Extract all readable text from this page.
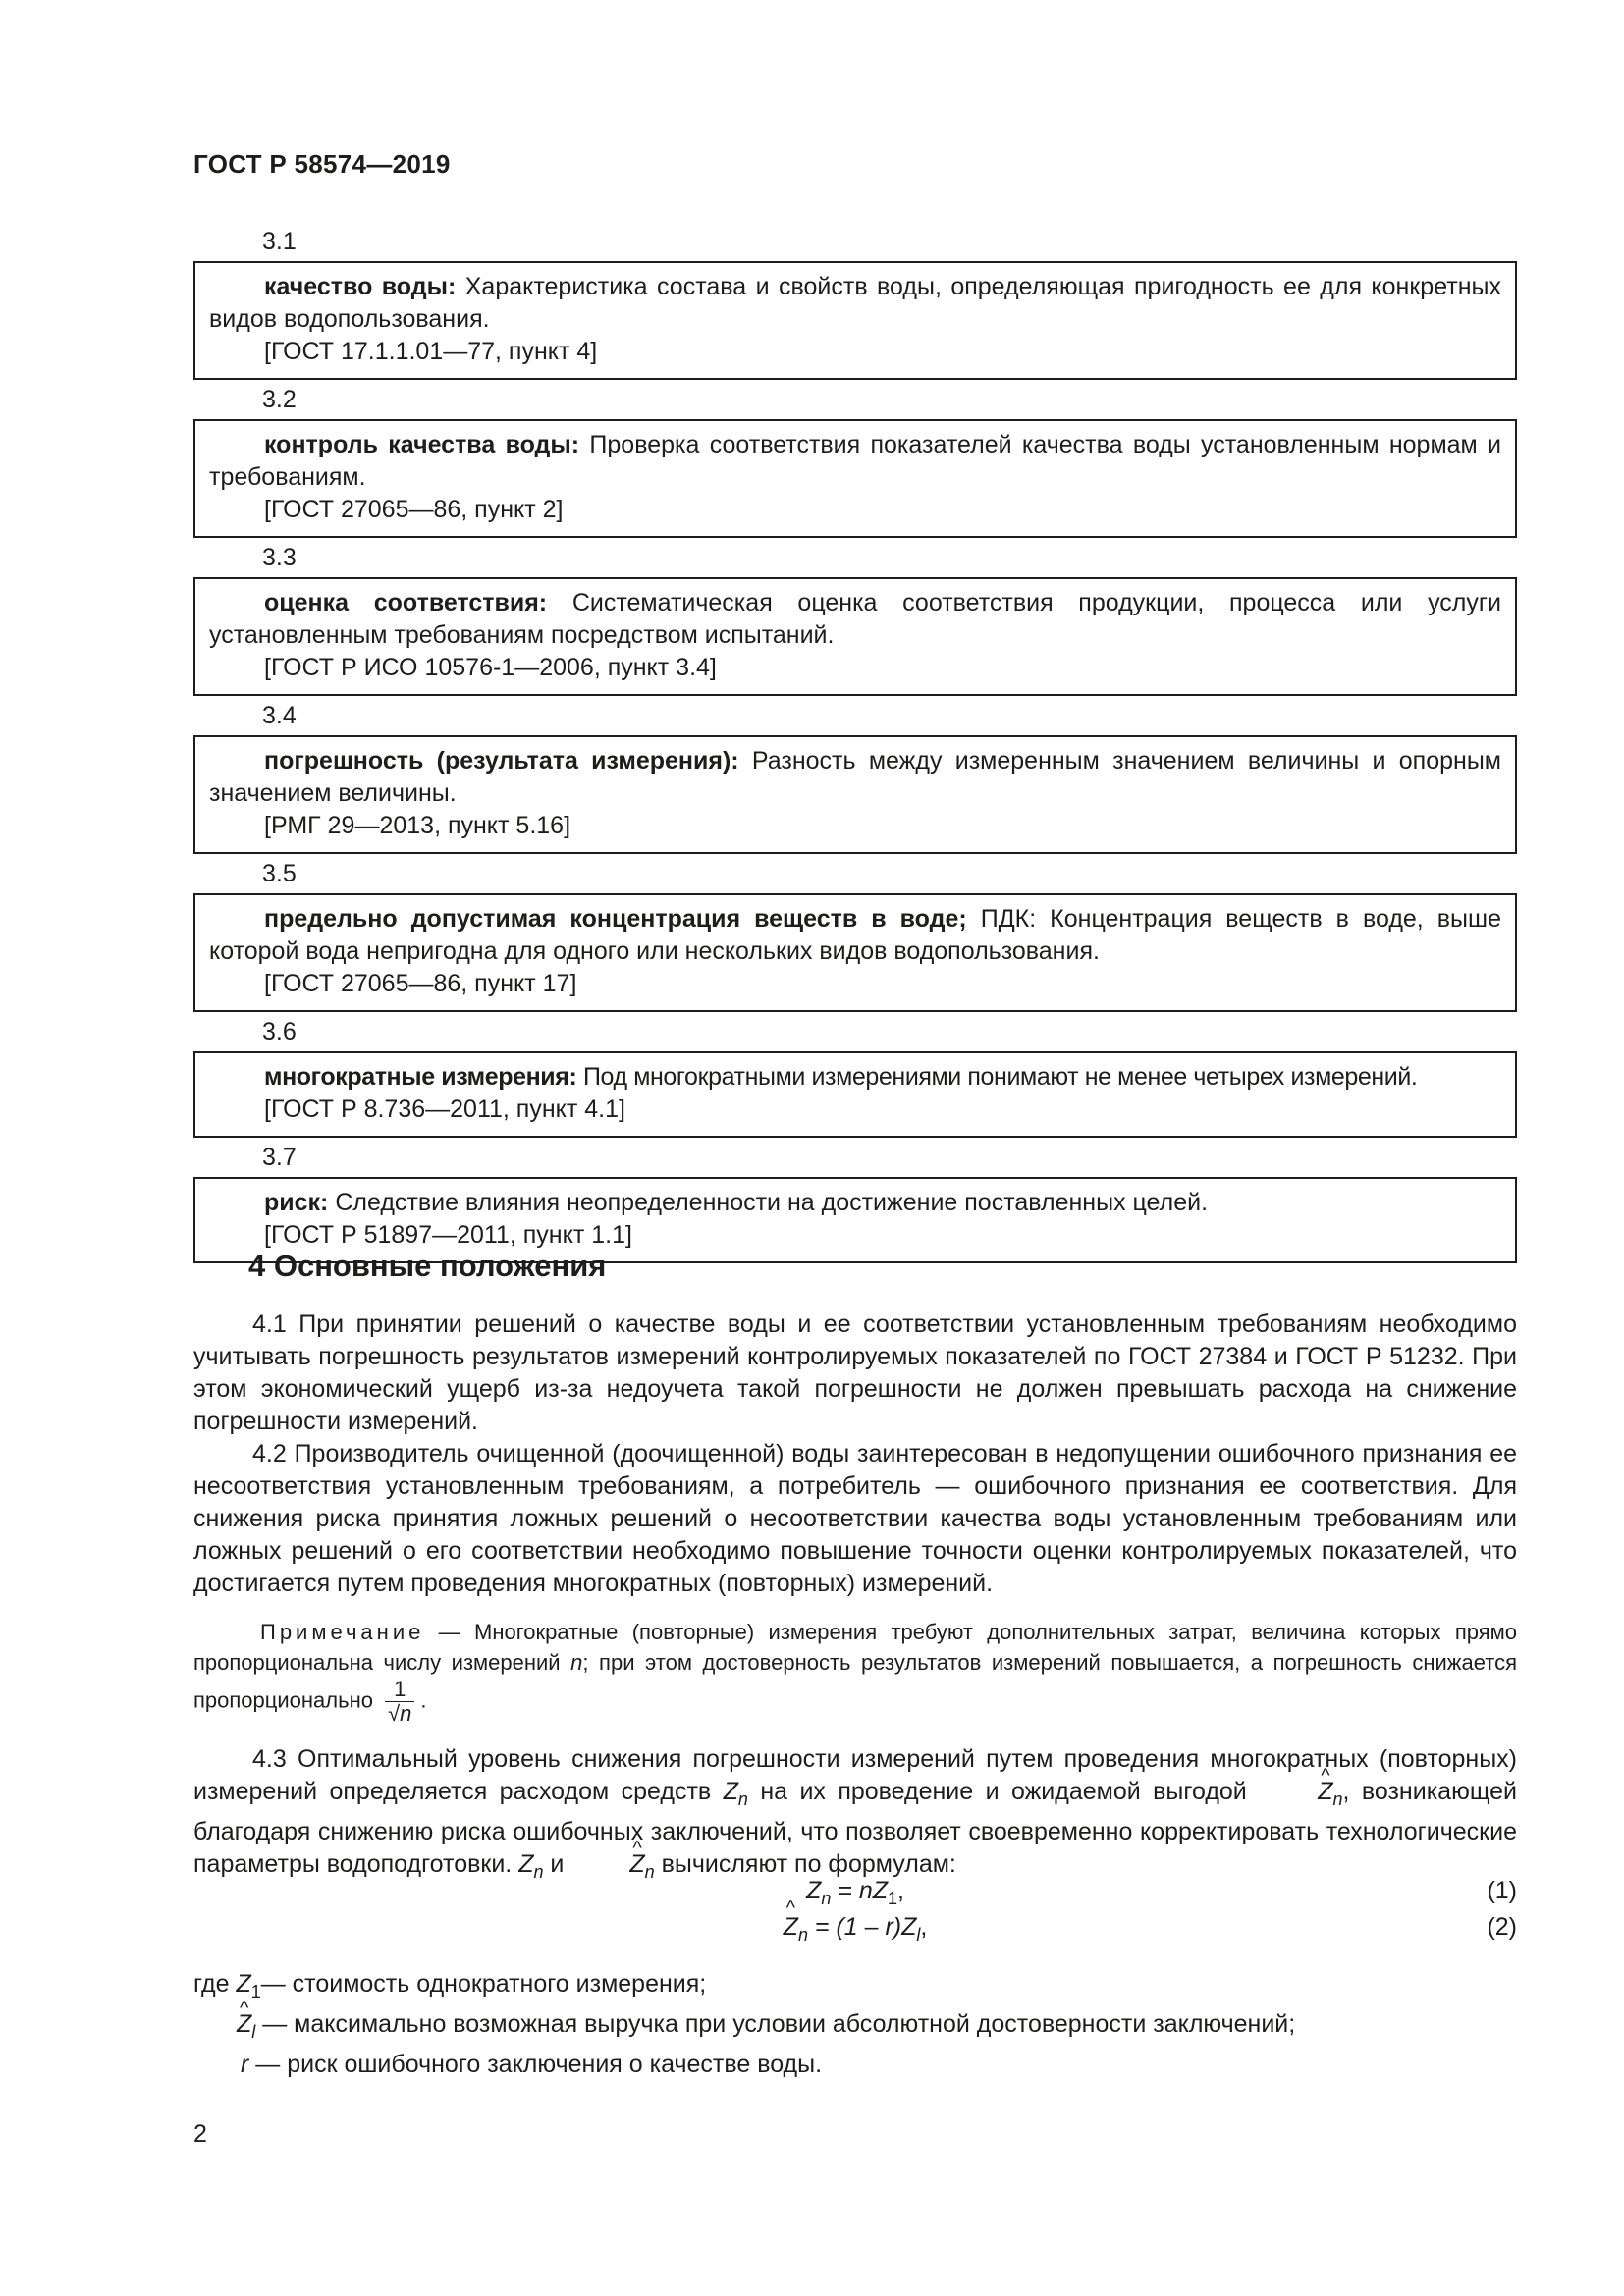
ГОСТ Р 58574—2019
3.1
качество воды: Характеристика состава и свойств воды, определяющая пригодность ее для конкретных видов водопользования.
[ГОСТ 17.1.1.01—77, пункт 4]
3.2
контроль качества воды: Проверка соответствия показателей качества воды установленным нормам и требованиям.
[ГОСТ 27065—86, пункт 2]
3.3
оценка соответствия: Систематическая оценка соответствия продукции, процесса или услуги установленным требованиям посредством испытаний.
[ГОСТ Р ИСО 10576-1—2006, пункт 3.4]
3.4
погрешность (результата измерения): Разность между измеренным значением величины и опорным значением величины.
[РМГ 29—2013, пункт 5.16]
3.5
предельно допустимая концентрация веществ в воде; ПДК: Концентрация веществ в воде, выше которой вода непригодна для одного или нескольких видов водопользования.
[ГОСТ 27065—86, пункт 17]
3.6
многократные измерения: Под многократными измерениями понимают не менее четырех измерений.
[ГОСТ Р 8.736—2011, пункт 4.1]
3.7
риск: Следствие влияния неопределенности на достижение поставленных целей.
[ГОСТ Р 51897—2011, пункт 1.1]
4 Основные положения

4.1 При принятии решений о качестве воды и ее соответствии установленным требованиям необходимо учитывать погрешность результатов измерений контролируемых показателей по ГОСТ 27384 и ГОСТ Р 51232. При этом экономический ущерб из-за недоучета такой погрешности не должен превышать расхода на снижение погрешности измерений.

4.2 Производитель очищенной (доочищенной) воды заинтересован в недопущении ошибочного признания ее несоответствия установленным требованиям, а потребитель — ошибочного признания ее соответствия. Для снижения риска принятия ложных решений о несоответствии качества воды установленным требованиям или ложных решений о его соответствии необходимо повышение точности оценки контролируемых показателей, что достигается путем проведения многократных (повторных) измерений.

Примечание — Многократные (повторные) измерения требуют дополнительных затрат, величина которых прямо пропорциональна числу измерений n; при этом достоверность результатов измерений повышается, а погрешность снижается пропорционально $\frac{1}{√n}$ .

4.3 Оптимальный уровень снижения погрешности измерений путем проведения многократных (повторных) измерений определяется расходом средств $Z_n$ на их проведение и ожидаемой выгодой ^ $Z_n$, возникающей благодаря снижению риска ошибочных заключений, что позволяет своевременно корректировать технологические параметры водоподготовки. $Z_n$ и ^ $Z_n$ вычисляют по формулам:

$Z_n = nZ_1$,	(1)
^ $Z_n = (1 - r)Z_l$,	(2)
где $Z_1—$ стоимость однократного измерения;
^ $Z_l$ — максимально возможная выручка при условии абсолютной достоверности заключений;
r — риск ошибочного заключения о качестве воды.
2
